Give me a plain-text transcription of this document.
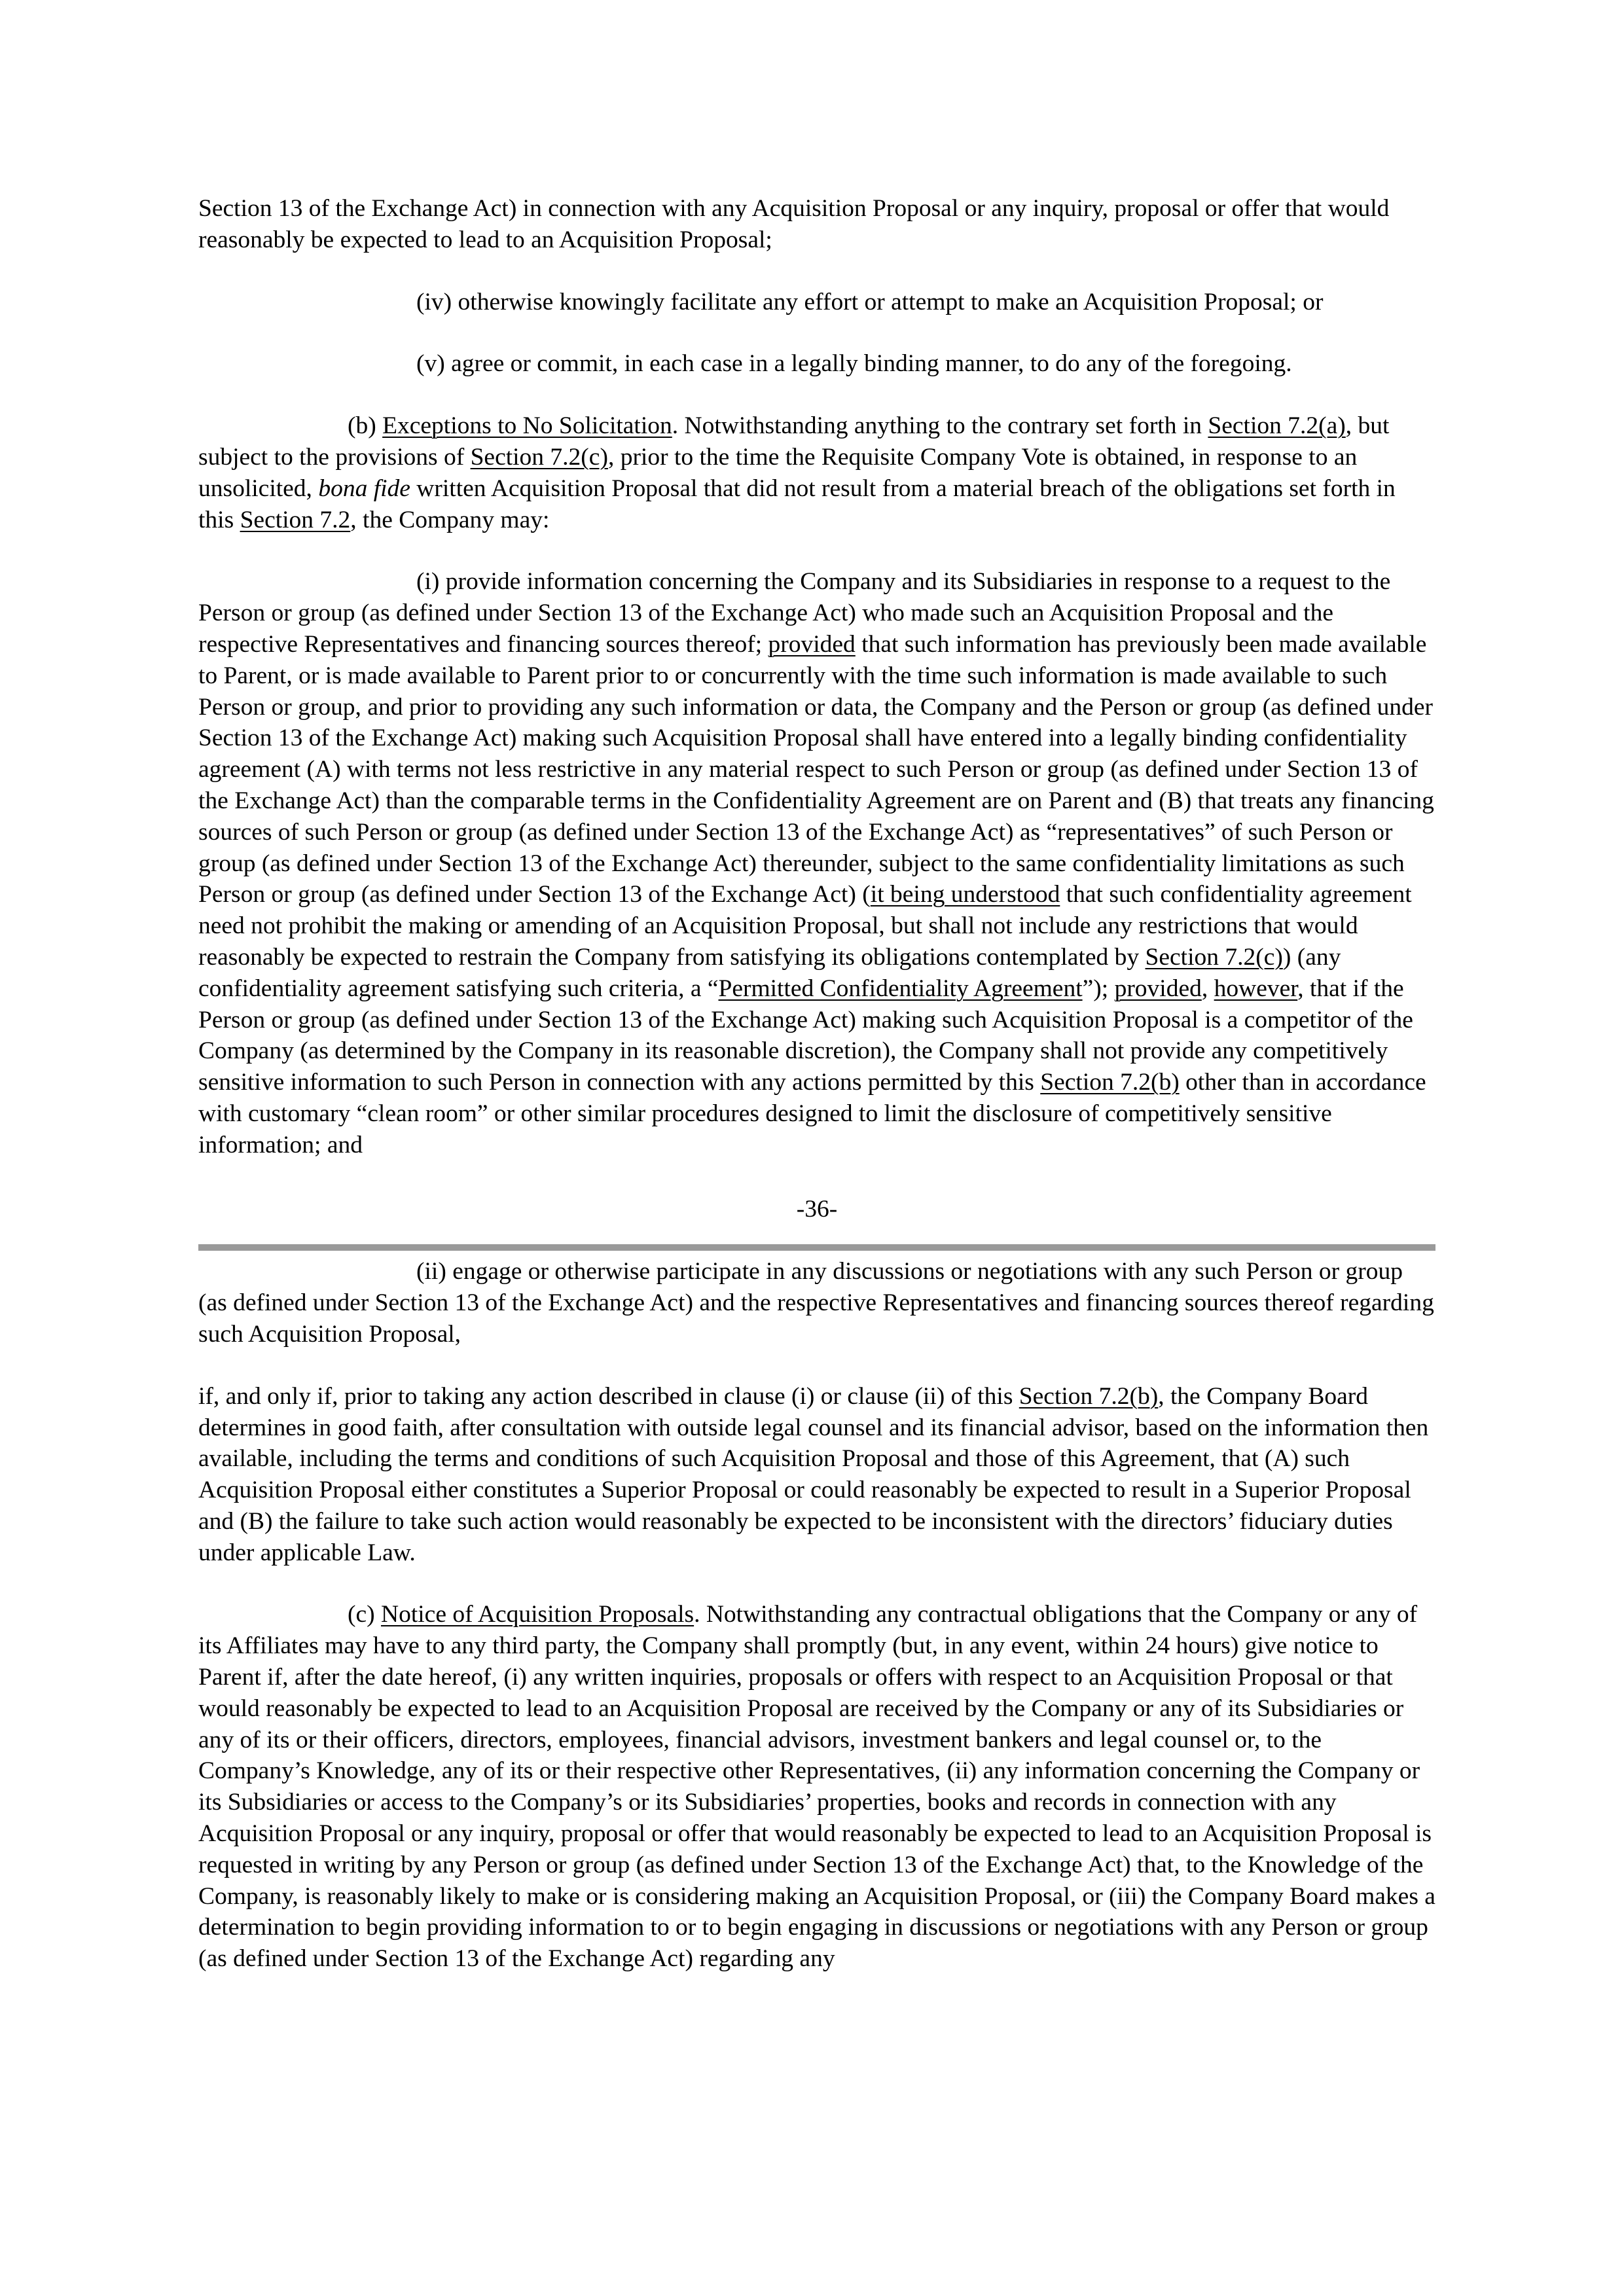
Section 13 of the Exchange Act) in connection with any Acquisition Proposal or any inquiry, proposal or offer that would reasonably be expected to lead to an Acquisition Proposal;

(iv) otherwise knowingly facilitate any effort or attempt to make an Acquisition Proposal; or

(v) agree or commit, in each case in a legally binding manner, to do any of the foregoing.

(b) Exceptions to No Solicitation. Notwithstanding anything to the contrary set forth in Section 7.2(a), but subject to the provisions of Section 7.2(c), prior to the time the Requisite Company Vote is obtained, in response to an unsolicited, bona fide written Acquisition Proposal that did not result from a material breach of the obligations set forth in this Section 7.2, the Company may:

(i) provide information concerning the Company and its Subsidiaries in response to a request to the Person or group (as defined under Section 13 of the Exchange Act) who made such an Acquisition Proposal and the respective Representatives and financing sources thereof; provided that such information has previously been made available to Parent, or is made available to Parent prior to or concurrently with the time such information is made available to such Person or group, and prior to providing any such information or data, the Company and the Person or group (as defined under Section 13 of the Exchange Act) making such Acquisition Proposal shall have entered into a legally binding confidentiality agreement (A) with terms not less restrictive in any material respect to such Person or group (as defined under Section 13 of the Exchange Act) than the comparable terms in the Confidentiality Agreement are on Parent and (B) that treats any financing sources of such Person or group (as defined under Section 13 of the Exchange Act) as “representatives” of such Person or group (as defined under Section 13 of the Exchange Act) thereunder, subject to the same confidentiality limitations as such Person or group (as defined under Section 13 of the Exchange Act) (it being understood that such confidentiality agreement need not prohibit the making or amending of an Acquisition Proposal, but shall not include any restrictions that would reasonably be expected to restrain the Company from satisfying its obligations contemplated by Section 7.2(c)) (any confidentiality agreement satisfying such criteria, a “Permitted Confidentiality Agreement”); provided, however, that if the Person or group (as defined under Section 13 of the Exchange Act) making such Acquisition Proposal is a competitor of the Company (as determined by the Company in its reasonable discretion), the Company shall not provide any competitively sensitive information to such Person in connection with any actions permitted by this Section 7.2(b) other than in accordance with customary “clean room” or other similar procedures designed to limit the disclosure of competitively sensitive information; and

-36-

(ii) engage or otherwise participate in any discussions or negotiations with any such Person or group (as defined under Section 13 of the Exchange Act) and the respective Representatives and financing sources thereof regarding such Acquisition Proposal,

if, and only if, prior to taking any action described in clause (i) or clause (ii) of this Section 7.2(b), the Company Board determines in good faith, after consultation with outside legal counsel and its financial advisor, based on the information then available, including the terms and conditions of such Acquisition Proposal and those of this Agreement, that (A) such Acquisition Proposal either constitutes a Superior Proposal or could reasonably be expected to result in a Superior Proposal and (B) the failure to take such action would reasonably be expected to be inconsistent with the directors’ fiduciary duties under applicable Law.

(c) Notice of Acquisition Proposals. Notwithstanding any contractual obligations that the Company or any of its Affiliates may have to any third party, the Company shall promptly (but, in any event, within 24 hours) give notice to Parent if, after the date hereof, (i) any written inquiries, proposals or offers with respect to an Acquisition Proposal or that would reasonably be expected to lead to an Acquisition Proposal are received by the Company or any of its Subsidiaries or any of its or their officers, directors, employees, financial advisors, investment bankers and legal counsel or, to the Company’s Knowledge, any of its or their respective other Representatives, (ii) any information concerning the Company or its Subsidiaries or access to the Company’s or its Subsidiaries’ properties, books and records in connection with any Acquisition Proposal or any inquiry, proposal or offer that would reasonably be expected to lead to an Acquisition Proposal is requested in writing by any Person or group (as defined under Section 13 of the Exchange Act) that, to the Knowledge of the Company, is reasonably likely to make or is considering making an Acquisition Proposal, or (iii) the Company Board makes a determination to begin providing information to or to begin engaging in discussions or negotiations with any Person or group (as defined under Section 13 of the Exchange Act) regarding any
